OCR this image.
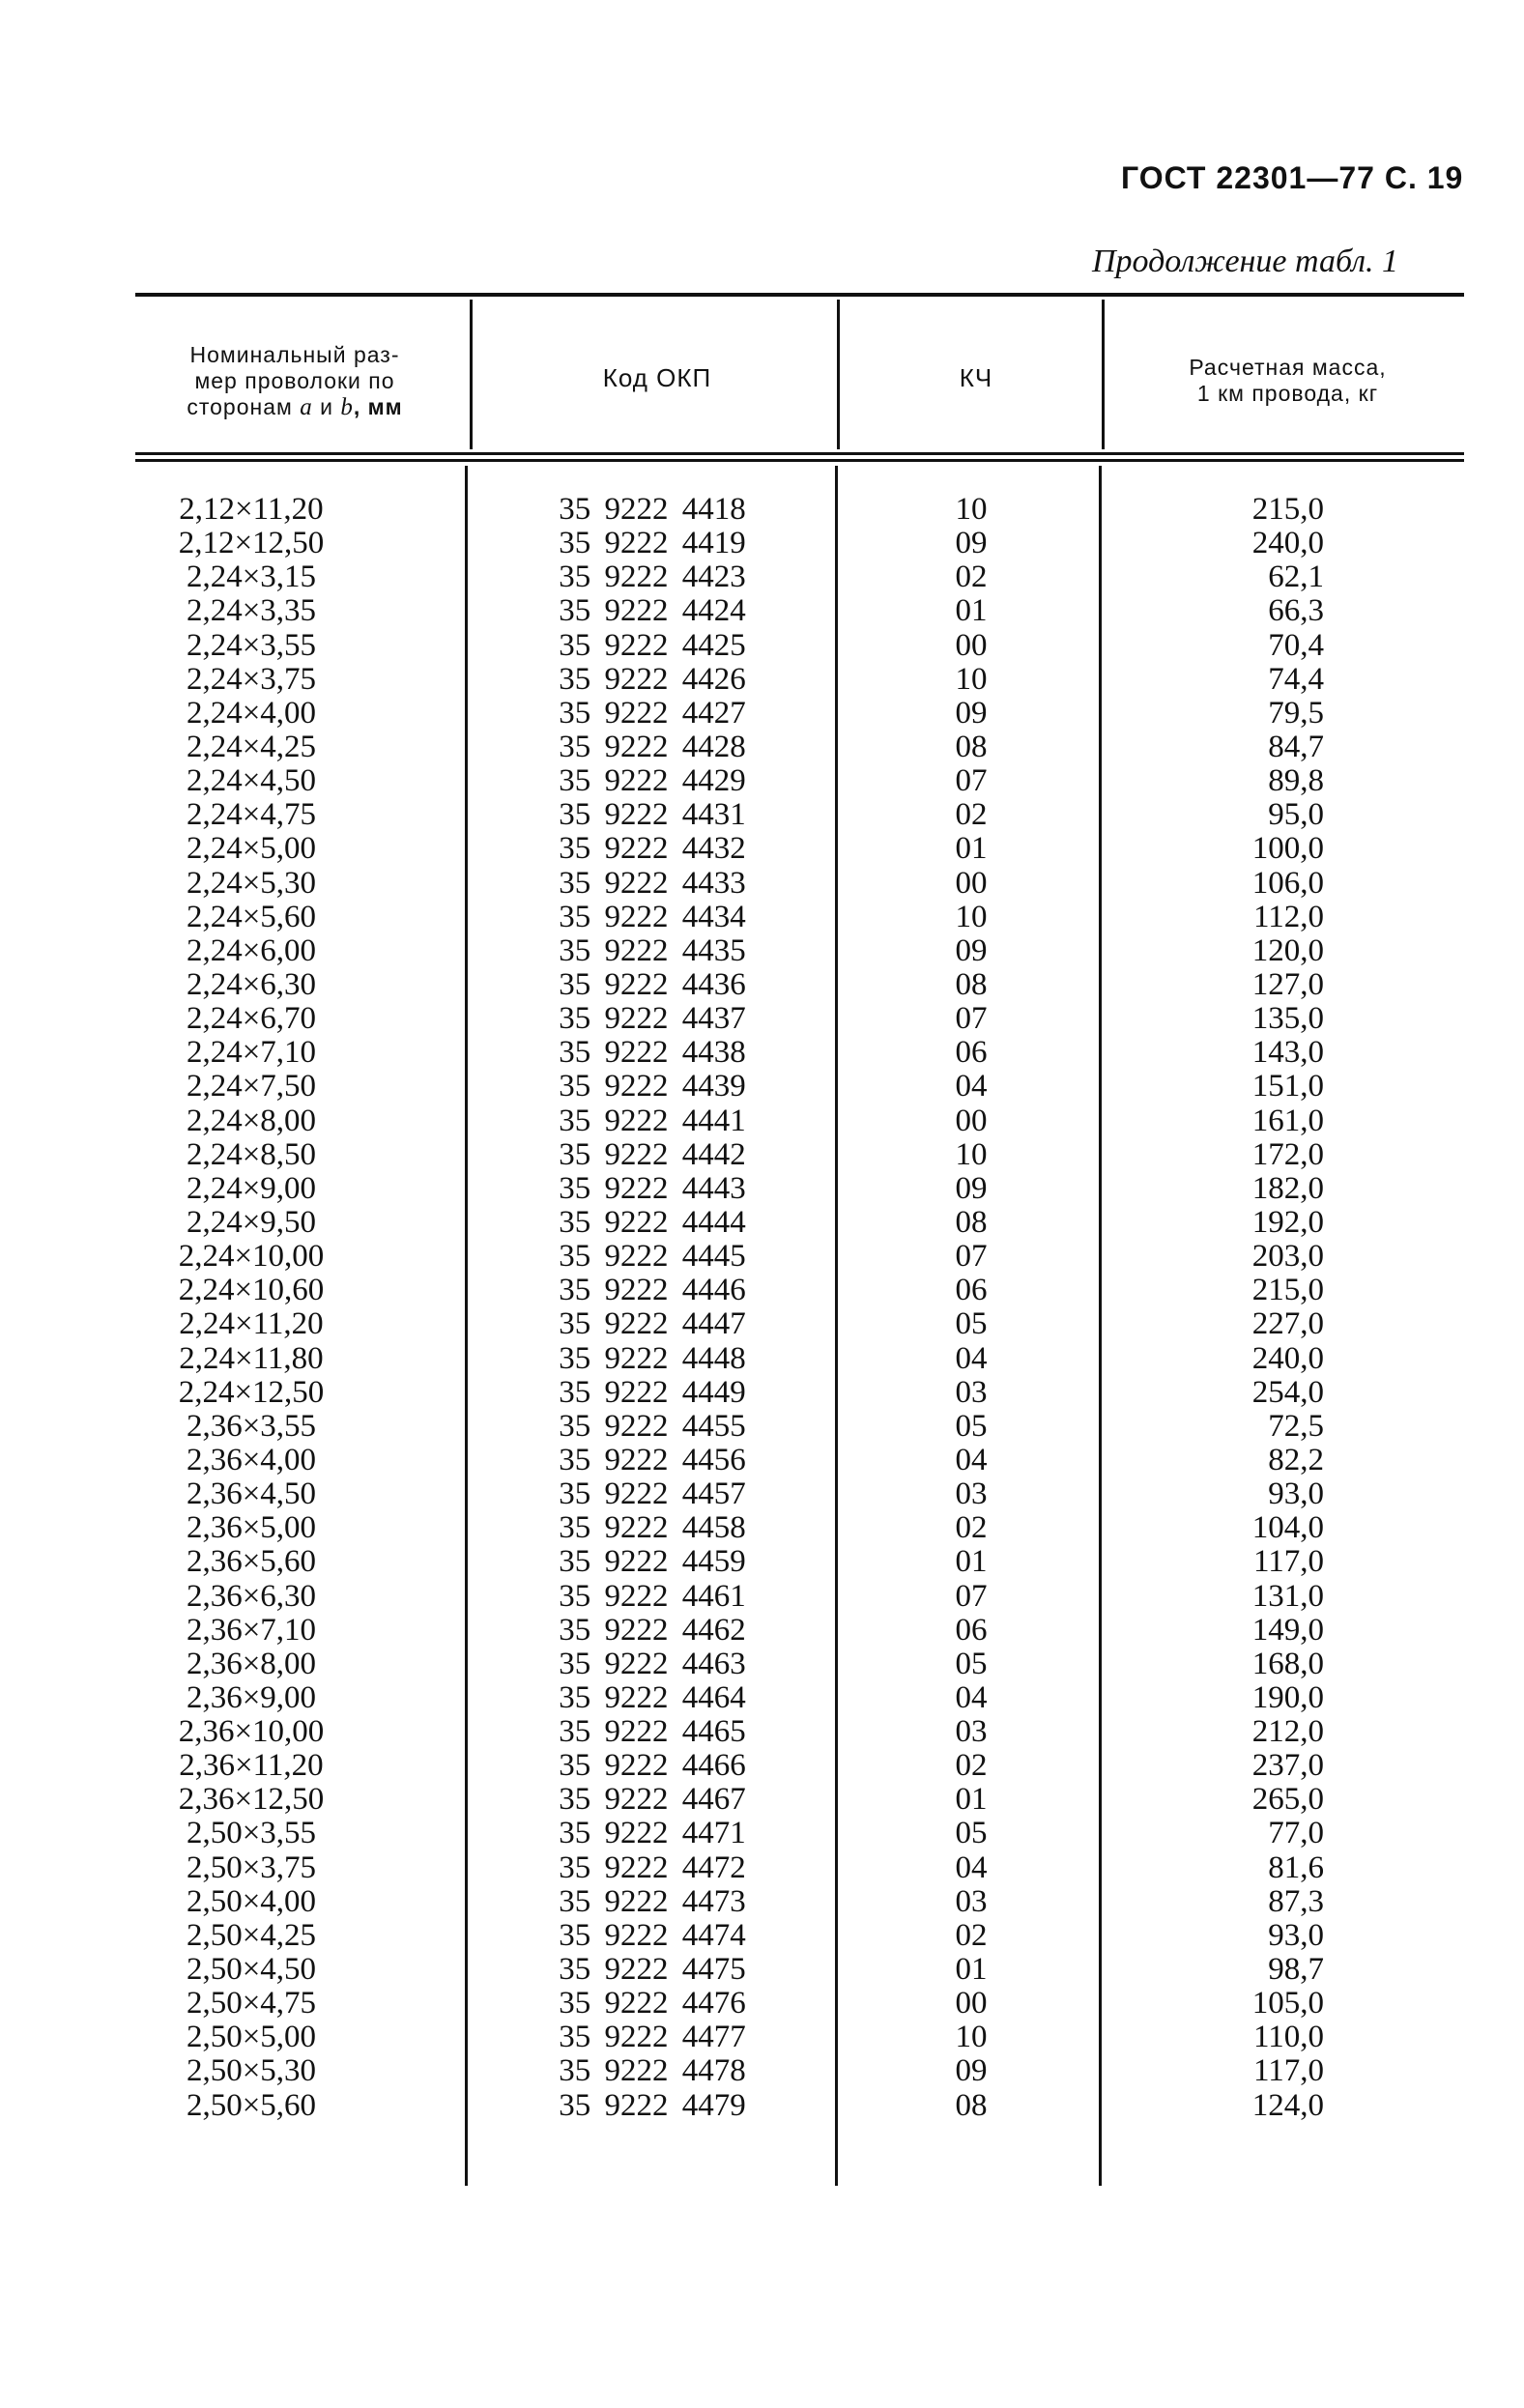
ГОСТ 22301—77 С. 19
Продолжение табл. 1
Номинальный раз-
мер проволоки по
сторонам a и b, мм
Код ОКП	КЧ	Расчетная масса,
1 км провода, кг
2,12×11,20
2,12×12,50
2,24×3,15
2,24×3,35
2,24×3,55
2,24×3,75
2,24×4,00
2,24×4,25
2,24×4,50
2,24×4,75
2,24×5,00
2,24×5,30
2,24×5,60
2,24×6,00
2,24×6,30
2,24×6,70
2,24×7,10
2,24×7,50
2,24×8,00
2,24×8,50
2,24×9,00
2,24×9,50
2,24×10,00
2,24×10,60
2,24×11,20
2,24×11,80
2,24×12,50
2,36×3,55
2,36×4,00
2,36×4,50
2,36×5,00
2,36×5,60
2,36×6,30
2,36×7,10
2,36×8,00
2,36×9,00
2,36×10,00
2,36×11,20
2,36×12,50
2,50×3,55
2,50×3,75
2,50×4,00
2,50×4,25
2,50×4,50
2,50×4,75
2,50×5,00
2,50×5,30
2,50×5,60
35 9222 4418
35 9222 4419
35 9222 4423
35 9222 4424
35 9222 4425
35 9222 4426
35 9222 4427
35 9222 4428
35 9222 4429
35 9222 4431
35 9222 4432
35 9222 4433
35 9222 4434
35 9222 4435
35 9222 4436
35 9222 4437
35 9222 4438
35 9222 4439
35 9222 4441
35 9222 4442
35 9222 4443
35 9222 4444
35 9222 4445
35 9222 4446
35 9222 4447
35 9222 4448
35 9222 4449
35 9222 4455
35 9222 4456
35 9222 4457
35 9222 4458
35 9222 4459
35 9222 4461
35 9222 4462
35 9222 4463
35 9222 4464
35 9222 4465
35 9222 4466
35 9222 4467
35 9222 4471
35 9222 4472
35 9222 4473
35 9222 4474
35 9222 4475
35 9222 4476
35 9222 4477
35 9222 4478
35 9222 4479
10
09
02
01
00
10
09
08
07
02
01
00
10
09
08
07
06
04
00
10
09
08
07
06
05
04
03
05
04
03
02
01
07
06
05
04
03
02
01
05
04
03
02
01
00
10
09
08
215,0
240,0
62,1
66,3
70,4
74,4
79,5
84,7
89,8
95,0
100,0
106,0
112,0
120,0
127,0
135,0
143,0
151,0
161,0
172,0
182,0
192,0
203,0
215,0
227,0
240,0
254,0
72,5
82,2
93,0
104,0
117,0
131,0
149,0
168,0
190,0
212,0
237,0
265,0
77,0
81,6
87,3
93,0
98,7
105,0
110,0
117,0
124,0
